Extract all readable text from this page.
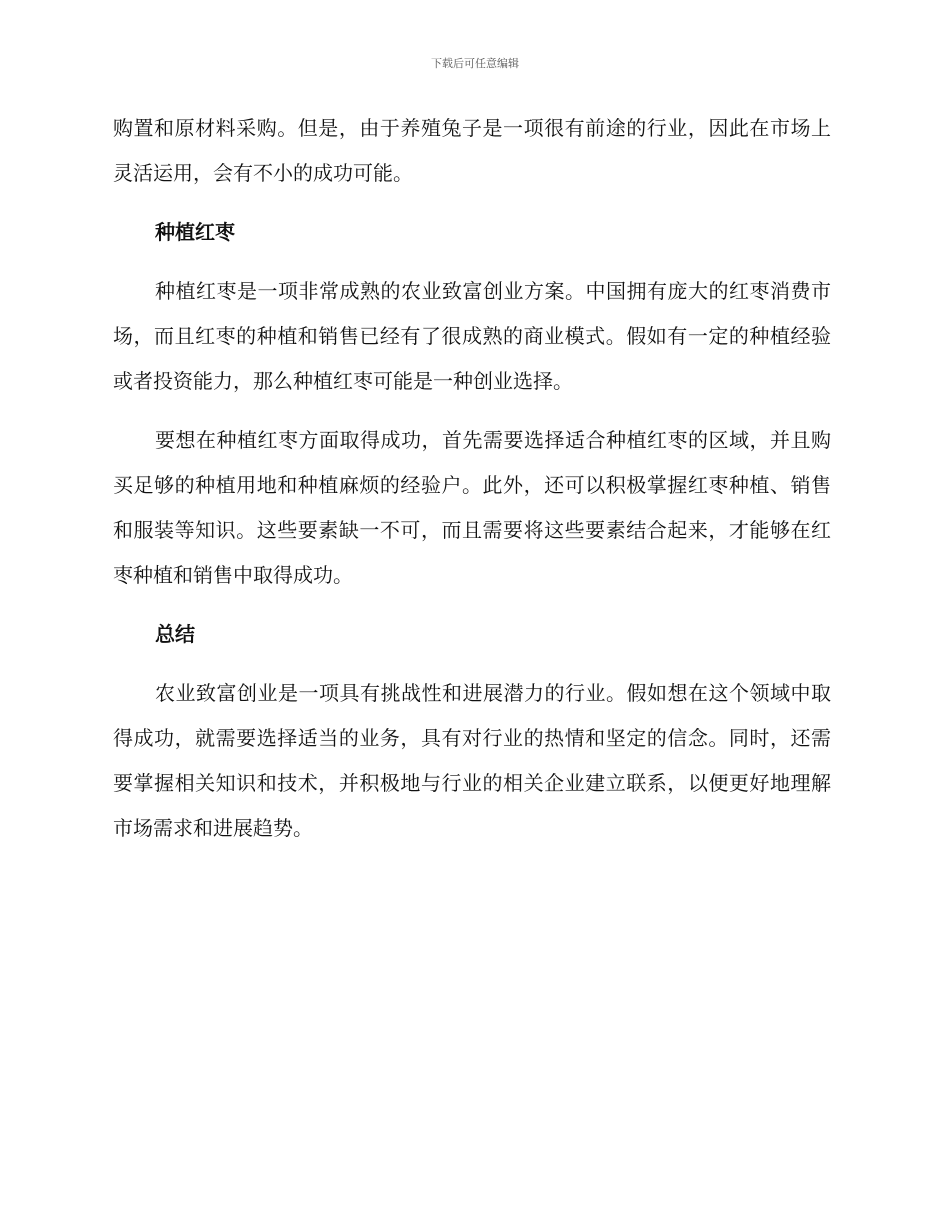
下载后可任意编辑

购置和原材料采购。但是，由于养殖兔子是一项很有前途的行业，因此在市场上灵活运用，会有不小的成功可能。

种植红枣

种植红枣是一项非常成熟的农业致富创业方案。中国拥有庞大的红枣消费市场，而且红枣的种植和销售已经有了很成熟的商业模式。假如有一定的种植经验或者投资能力，那么种植红枣可能是一种创业选择。

要想在种植红枣方面取得成功，首先需要选择适合种植红枣的区域，并且购买足够的种植用地和种植麻烦的经验户。此外，还可以积极掌握红枣种植、销售和服装等知识。这些要素缺一不可，而且需要将这些要素结合起来，才能够在红枣种植和销售中取得成功。

总结

农业致富创业是一项具有挑战性和进展潜力的行业。假如想在这个领域中取得成功，就需要选择适当的业务，具有对行业的热情和坚定的信念。同时，还需要掌握相关知识和技术，并积极地与行业的相关企业建立联系，以便更好地理解市场需求和进展趋势。
